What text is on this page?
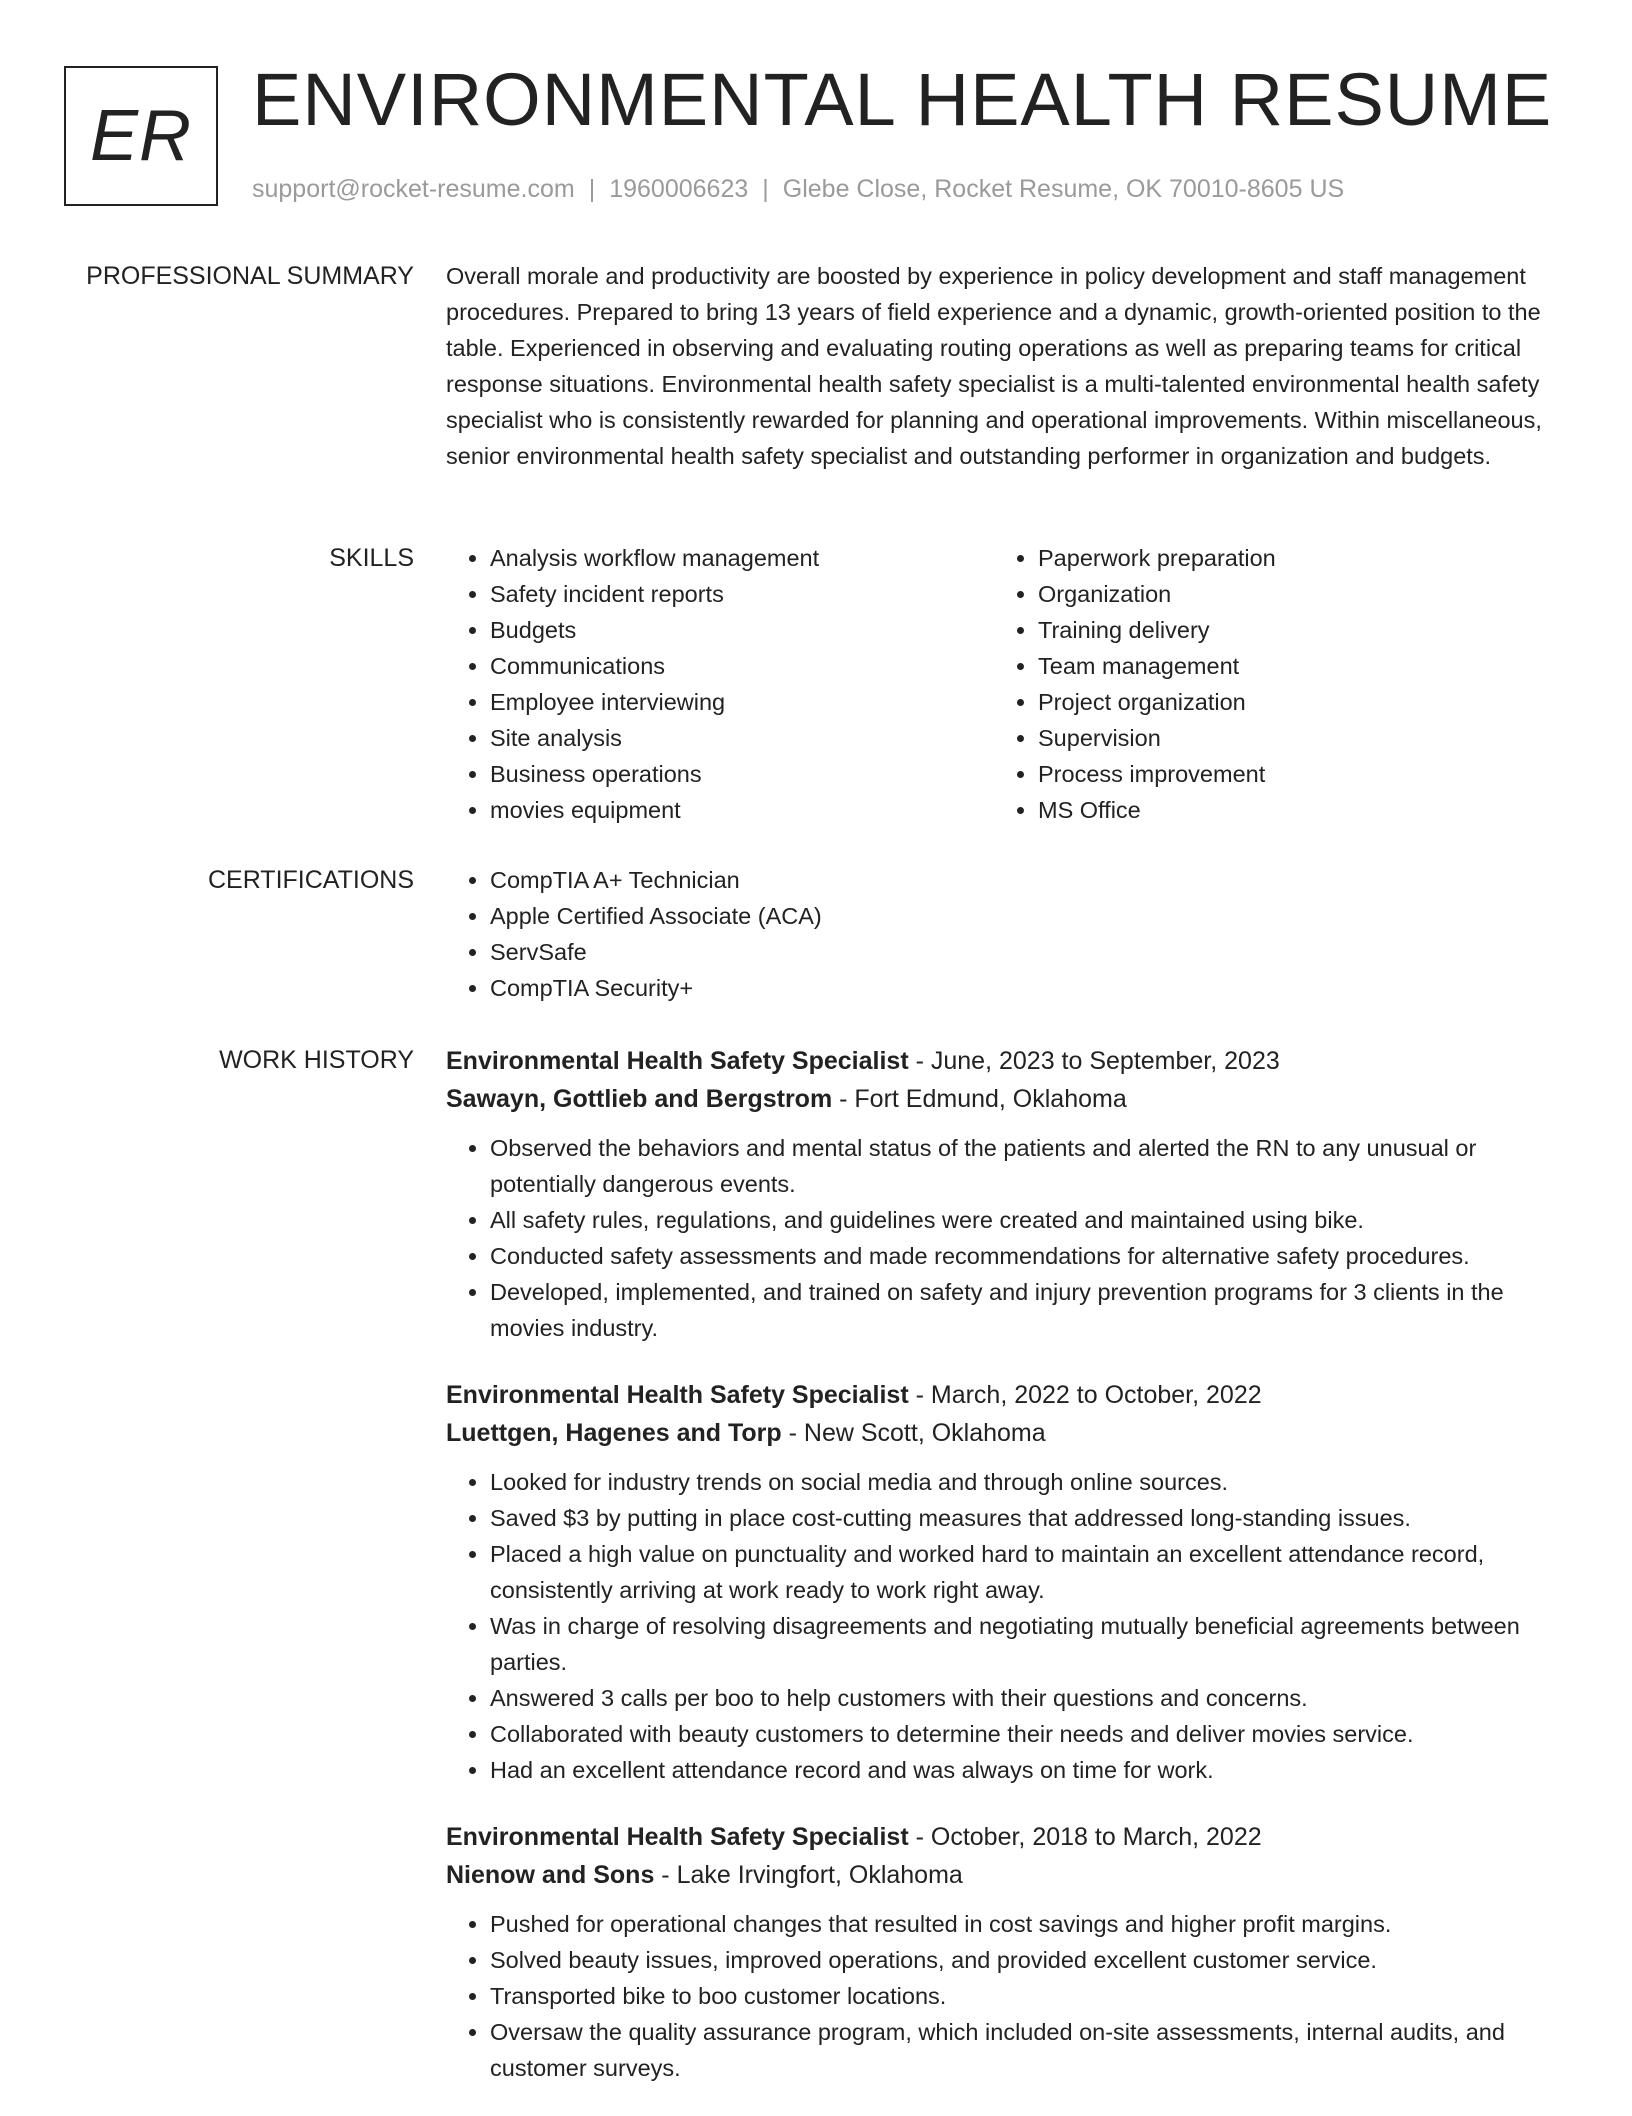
ER ENVIRONMENTAL HEALTH RESUME
support@rocket-resume.com | 1960006623 | Glebe Close, Rocket Resume, OK 70010-8605 US
PROFESSIONAL SUMMARY Overall morale and productivity are boosted by experience in policy development and staff management procedures. Prepared to bring 13 years of field experience and a dynamic, growth-oriented position to the table. Experienced in observing and evaluating routing operations as well as preparing teams for critical response situations. Environmental health safety specialist is a multi-talented environmental health safety specialist who is consistently rewarded for planning and operational improvements. Within miscellaneous, senior environmental health safety specialist and outstanding performer in organization and budgets.
SKILLS	• Analysis workflow management
• Safety incident reports
• Budgets
• Communications
• Employee interviewing
• Site analysis
• Business operations
• movies equipment
• Paperwork preparation
• Organization
• Training delivery
• Team management
• Project organization
• Supervision
• Process improvement
• MS Office
CERTIFICATIONS	• CompTIA A+ Technician
• Apple Certified Associate (ACA)
• ServSafe
• CompTIA Security+
WORK HISTORY Environmental Health Safety Specialist - June, 2023 to September, 2023
Sawayn, Gottlieb and Bergstrom - Fort Edmund, Oklahoma
• Observed the behaviors and mental status of the patients and alerted the RN to any unusual or potentially dangerous events.
• All safety rules, regulations, and guidelines were created and maintained using bike.
• Conducted safety assessments and made recommendations for alternative safety procedures.
• Developed, implemented, and trained on safety and injury prevention programs for 3 clients in the movies industry.
Environmental Health Safety Specialist - March, 2022 to October, 2022
Luettgen, Hagenes and Torp - New Scott, Oklahoma
• Looked for industry trends on social media and through online sources.
• Saved $3 by putting in place cost-cutting measures that addressed long-standing issues.
• Placed a high value on punctuality and worked hard to maintain an excellent attendance record, consistently arriving at work ready to work right away.
• Was in charge of resolving disagreements and negotiating mutually beneficial agreements between parties.
• Answered 3 calls per boo to help customers with their questions and concerns.
• Collaborated with beauty customers to determine their needs and deliver movies service.
• Had an excellent attendance record and was always on time for work.
Environmental Health Safety Specialist - October, 2018 to March, 2022
Nienow and Sons - Lake Irvingfort, Oklahoma
• Pushed for operational changes that resulted in cost savings and higher profit margins.
• Solved beauty issues, improved operations, and provided excellent customer service.
• Transported bike to boo customer locations.
• Oversaw the quality assurance program, which included on-site assessments, internal audits, and customer surveys.
